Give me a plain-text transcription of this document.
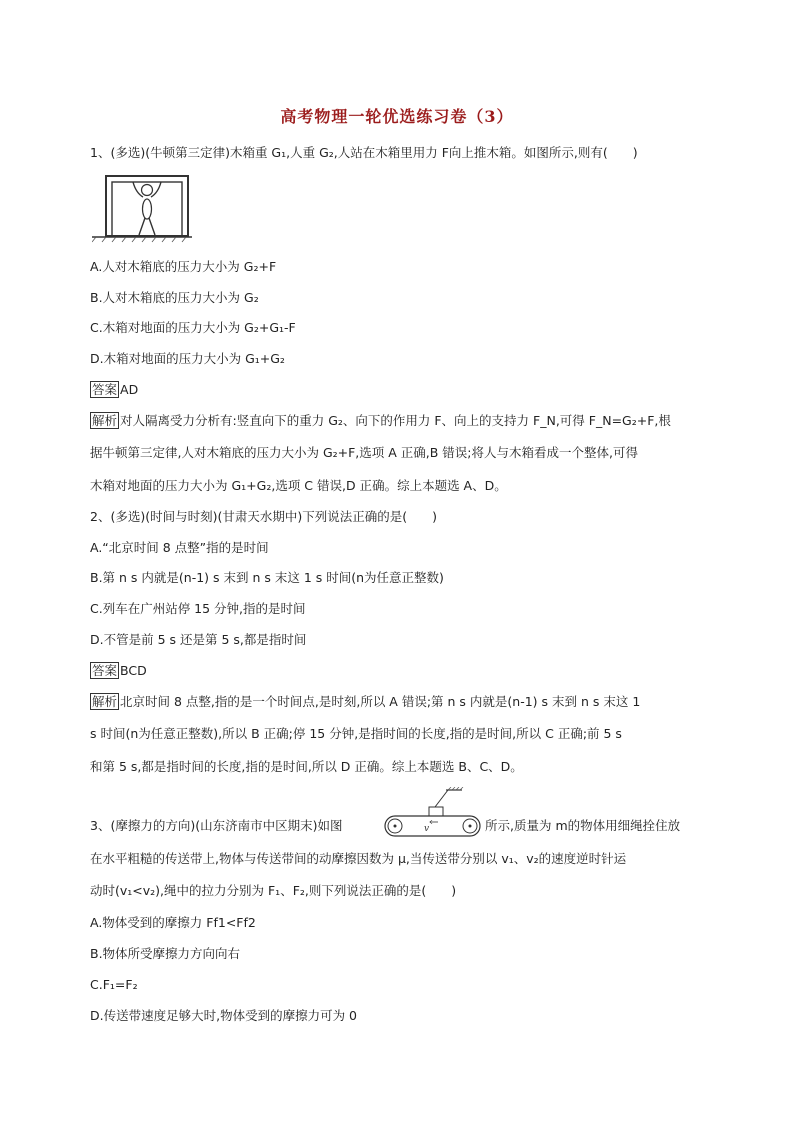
高考物理一轮优选练习卷（3）
1、(多选)(牛顿第三定律)木箱重 G₁,人重 G₂,人站在木箱里用力 F向上推木箱。如图所示,则有(　　)
A.人对木箱底的压力大小为 G₂+F
B.人对木箱底的压力大小为 G₂
C.木箱对地面的压力大小为 G₂+G₁-F
D.木箱对地面的压力大小为 G₁+G₂
答案 AD
解析 对人隔离受力分析有:竖直向下的重力 G₂、向下的作用力 F、向上的支持力 F_N,可得 F_N=G₂+F,根
据牛顿第三定律,人对木箱底的压力大小为 G₂+F,选项 A 正确,B 错误;将人与木箱看成一个整体,可得
木箱对地面的压力大小为 G₁+G₂,选项 C 错误,D 正确。综上本题选 A、D。
2、(多选)(时间与时刻)(甘肃天水期中)下列说法正确的是(　　)
A.“北京时间 8 点整”指的是时间
B.第 n s 内就是(n-1) s 末到 n s 末这 1 s 时间(n为任意正整数)
C.列车在广州站停 15 分钟,指的是时间
D.不管是前 5 s 还是第 5 s,都是指时间
答案 BCD
解析 北京时间 8 点整,指的是一个时间点,是时刻,所以 A 错误;第 n s 内就是(n-1) s 末到 n s 末这 1
s 时间(n为任意正整数),所以 B 正确;停 15 分钟,是指时间的长度,指的是时间,所以 C 正确;前 5 s
和第 5 s,都是指时间的长度,指的是时间,所以 D 正确。综上本题选 B、C、D。
3、(摩擦力的方向)(山东济南市中区期末)如图	v	所示,质量为 m的物体用细绳拴住放
在水平粗糙的传送带上,物体与传送带间的动摩擦因数为 μ,当传送带分别以 v₁、v₂的速度逆时针运
动时(v₁<v₂),绳中的拉力分别为 F₁、F₂,则下列说法正确的是(　　)
A.物体受到的摩擦力 Ff1<Ff2
B.物体所受摩擦力方向向右
C.F₁=F₂
D.传送带速度足够大时,物体受到的摩擦力可为 0
